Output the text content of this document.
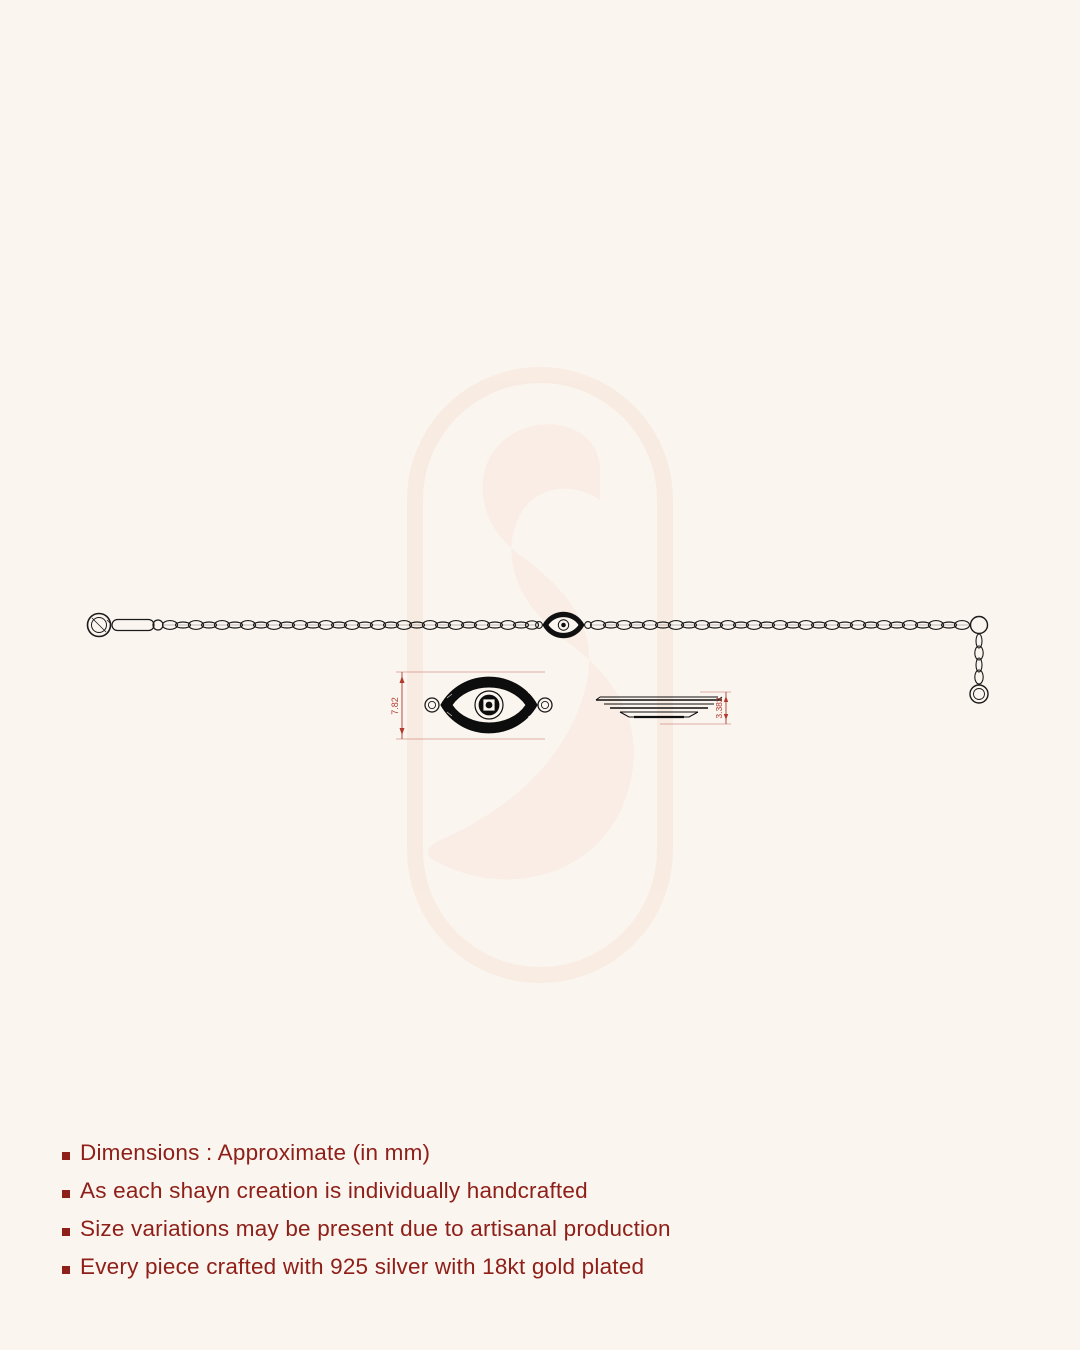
7.82	3.382
Dimensions : Approximate (in mm)
As each shayn creation is individually handcrafted
Size variations may be present due to artisanal production
Every piece crafted with 925 silver with 18kt gold plated
